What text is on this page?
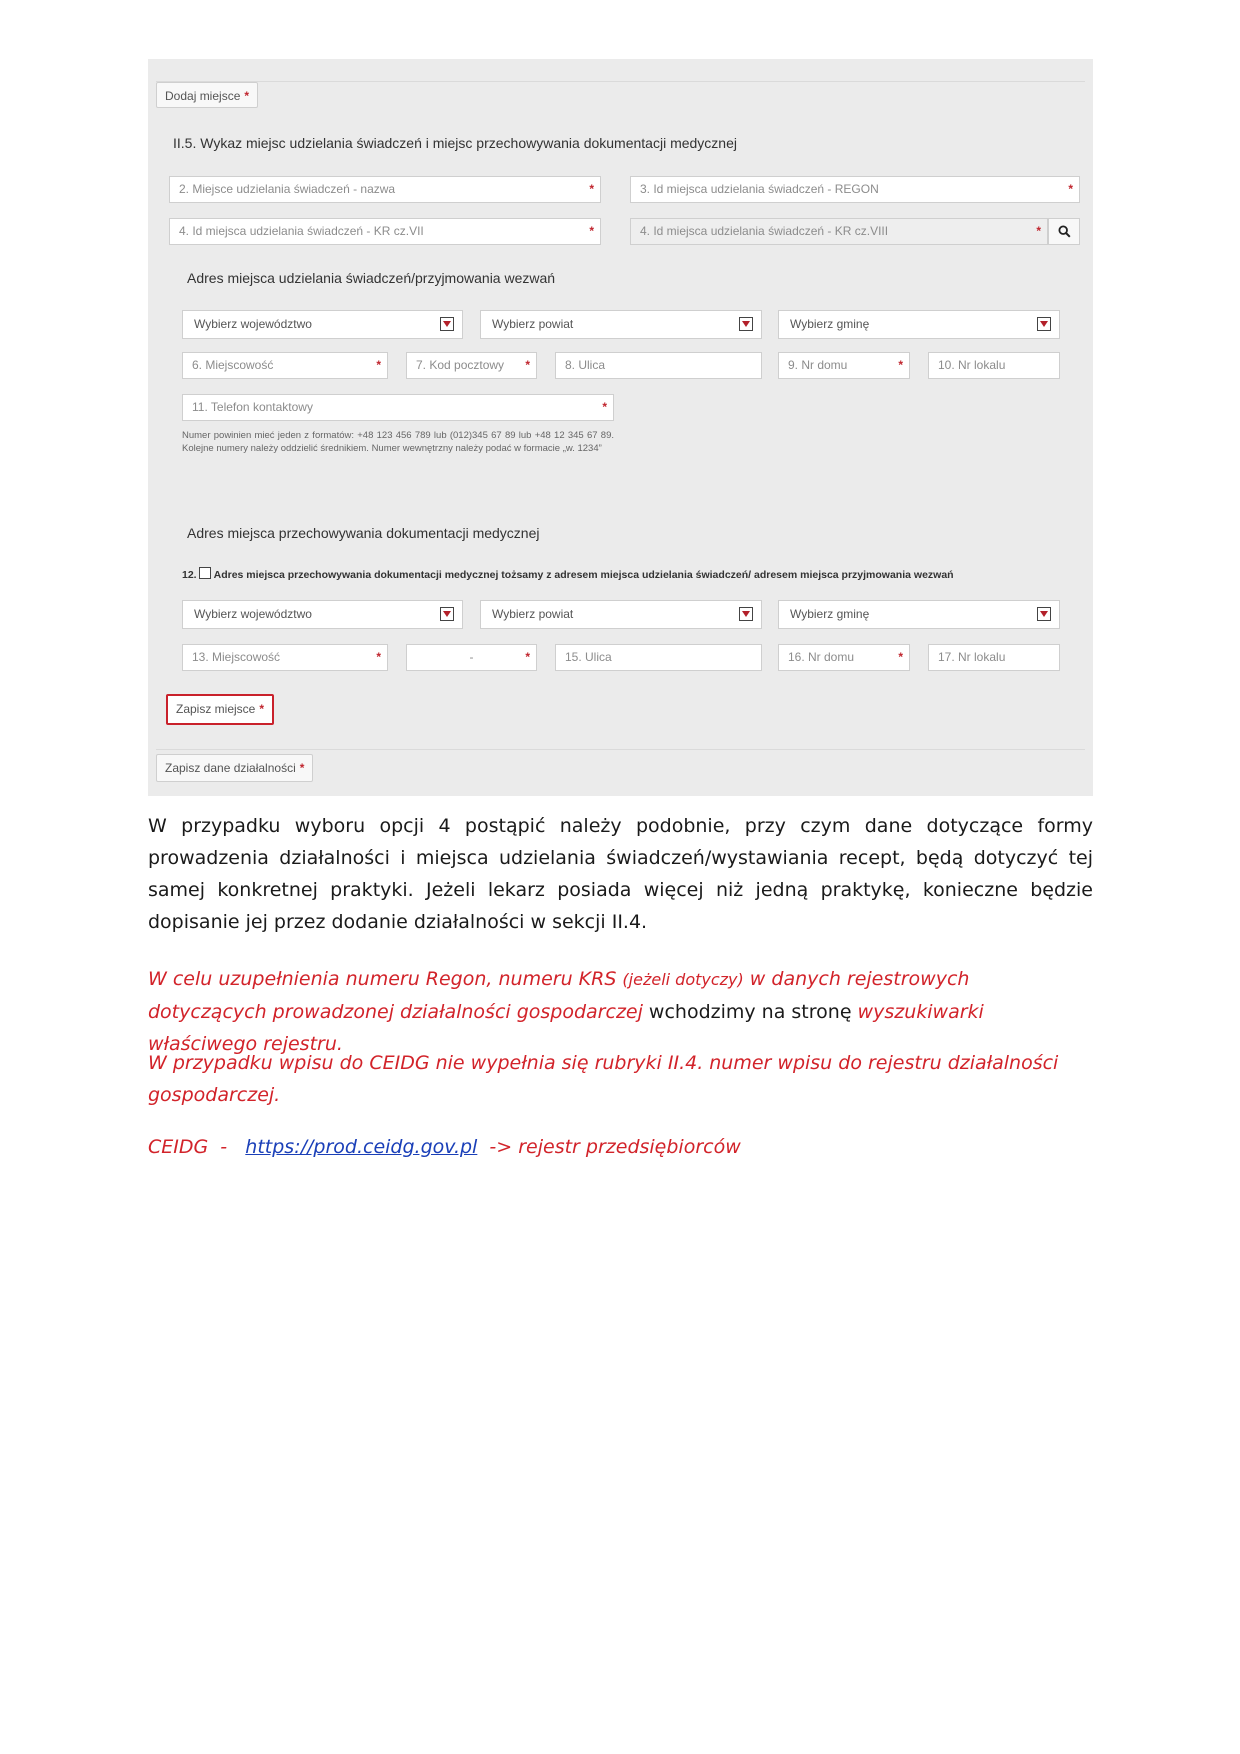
Dodaj miejsce *
II.5. Wykaz miejsc udzielania świadczeń i miejsc przechowywania dokumentacji medycznej
2. Miejsce udzielania świadczeń - nazwa	*	3. Id miejsca udzielania świadczeń - REGON	*
4. Id miejsca udzielania świadczeń - KR cz.VII	*	4. Id miejsca udzielania świadczeń - KR cz.VIII	*
Adres miejsca udzielania świadczeń/przyjmowania wezwań
Wybierz województwo	Wybierz powiat	Wybierz gminę
6. Miejscowość	*	7. Kod pocztowy *	8. Ulica	9. Nr domu	*	10. Nr lokalu
11. Telefon kontaktowy	*
Numer powinien mieć jeden z formatów: +48 123 456 789 lub (012)345 67 89 lub +48 12 345 67 89. Kolejne numery należy oddzielić średnikiem. Numer wewnętrzny należy podać w formacie „w. 1234”
Adres miejsca przechowywania dokumentacji medycznej
12. Adres miejsca przechowywania dokumentacji medycznej tożsamy z adresem miejsca udzielania świadczeń/ adresem miejsca przyjmowania wezwań
Wybierz województwo	Wybierz powiat	Wybierz gminę
13. Miejscowość	*	-	*	15. Ulica	16. Nr domu	*	17. Nr lokalu
Zapisz miejsce *
Zapisz dane działalności *

W przypadku wyboru opcji 4 postąpić należy podobnie, przy czym dane dotyczące formy prowadzenia działalności i miejsca udzielania świadczeń/wystawiania recept, będą dotyczyć tej samej konkretnej praktyki. Jeżeli lekarz posiada więcej niż jedną praktykę, konieczne będzie dopisanie jej przez dodanie działalności w sekcji II.4.

W celu uzupełnienia numeru Regon, numeru KRS (jeżeli dotyczy) w danych rejestrowych dotyczących prowadzonej działalności gospodarczej wchodzimy na stronę wyszukiwarki właściwego rejestru.

W przypadku wpisu do CEIDG nie wypełnia się rubryki II.4. numer wpisu do rejestru działalności gospodarczej.

CEIDG  -   https://prod.ceidg.gov.pl  -> rejestr przedsiębiorców
